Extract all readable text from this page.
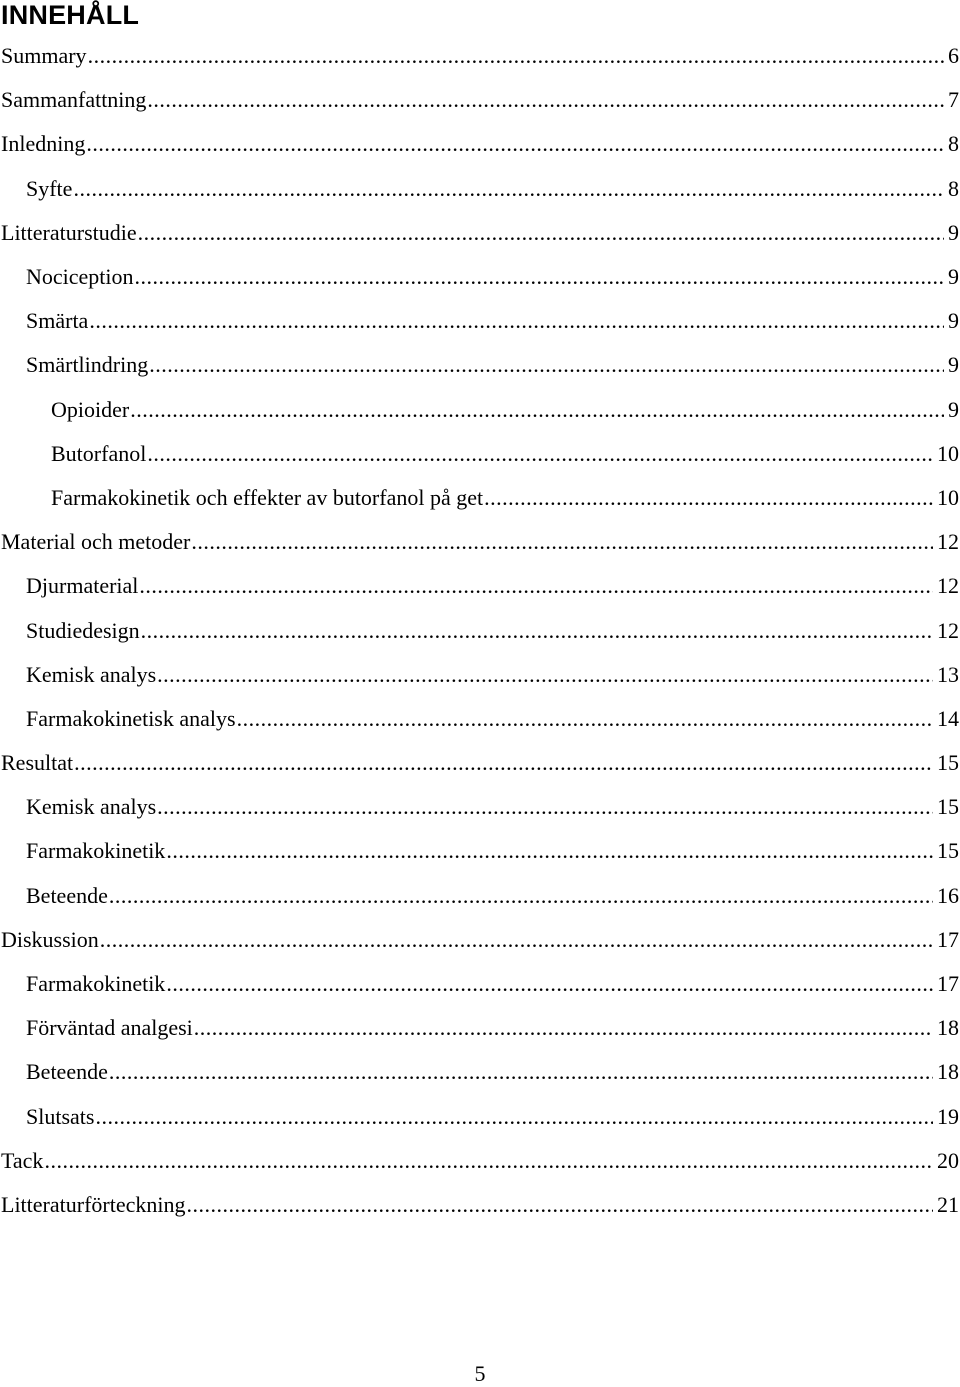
INNEHÅLL
Summary .....	6
Sammanfattning .....	7
Inledning .....	8
Syfte .....	8
Litteraturstudie .....	9
Nociception .....	9
Smärta .....	9
Smärtlindring .....	9
Opioider .....	9
Butorfanol .....	10
Farmakokinetik och effekter av butorfanol på get .....	10
Material och metoder .....	12
Djurmaterial .....	12
Studiedesign .....	12
Kemisk analys .....	13
Farmakokinetisk analys .....	14
Resultat .....	15
Kemisk analys .....	15
Farmakokinetik .....	15
Beteende .....	16
Diskussion .....	17
Farmakokinetik .....	17
Förväntad analgesi .....	18
Beteende .....	18
Slutsats .....	19
Tack .....	20
Litteraturförteckning .....	21
5
